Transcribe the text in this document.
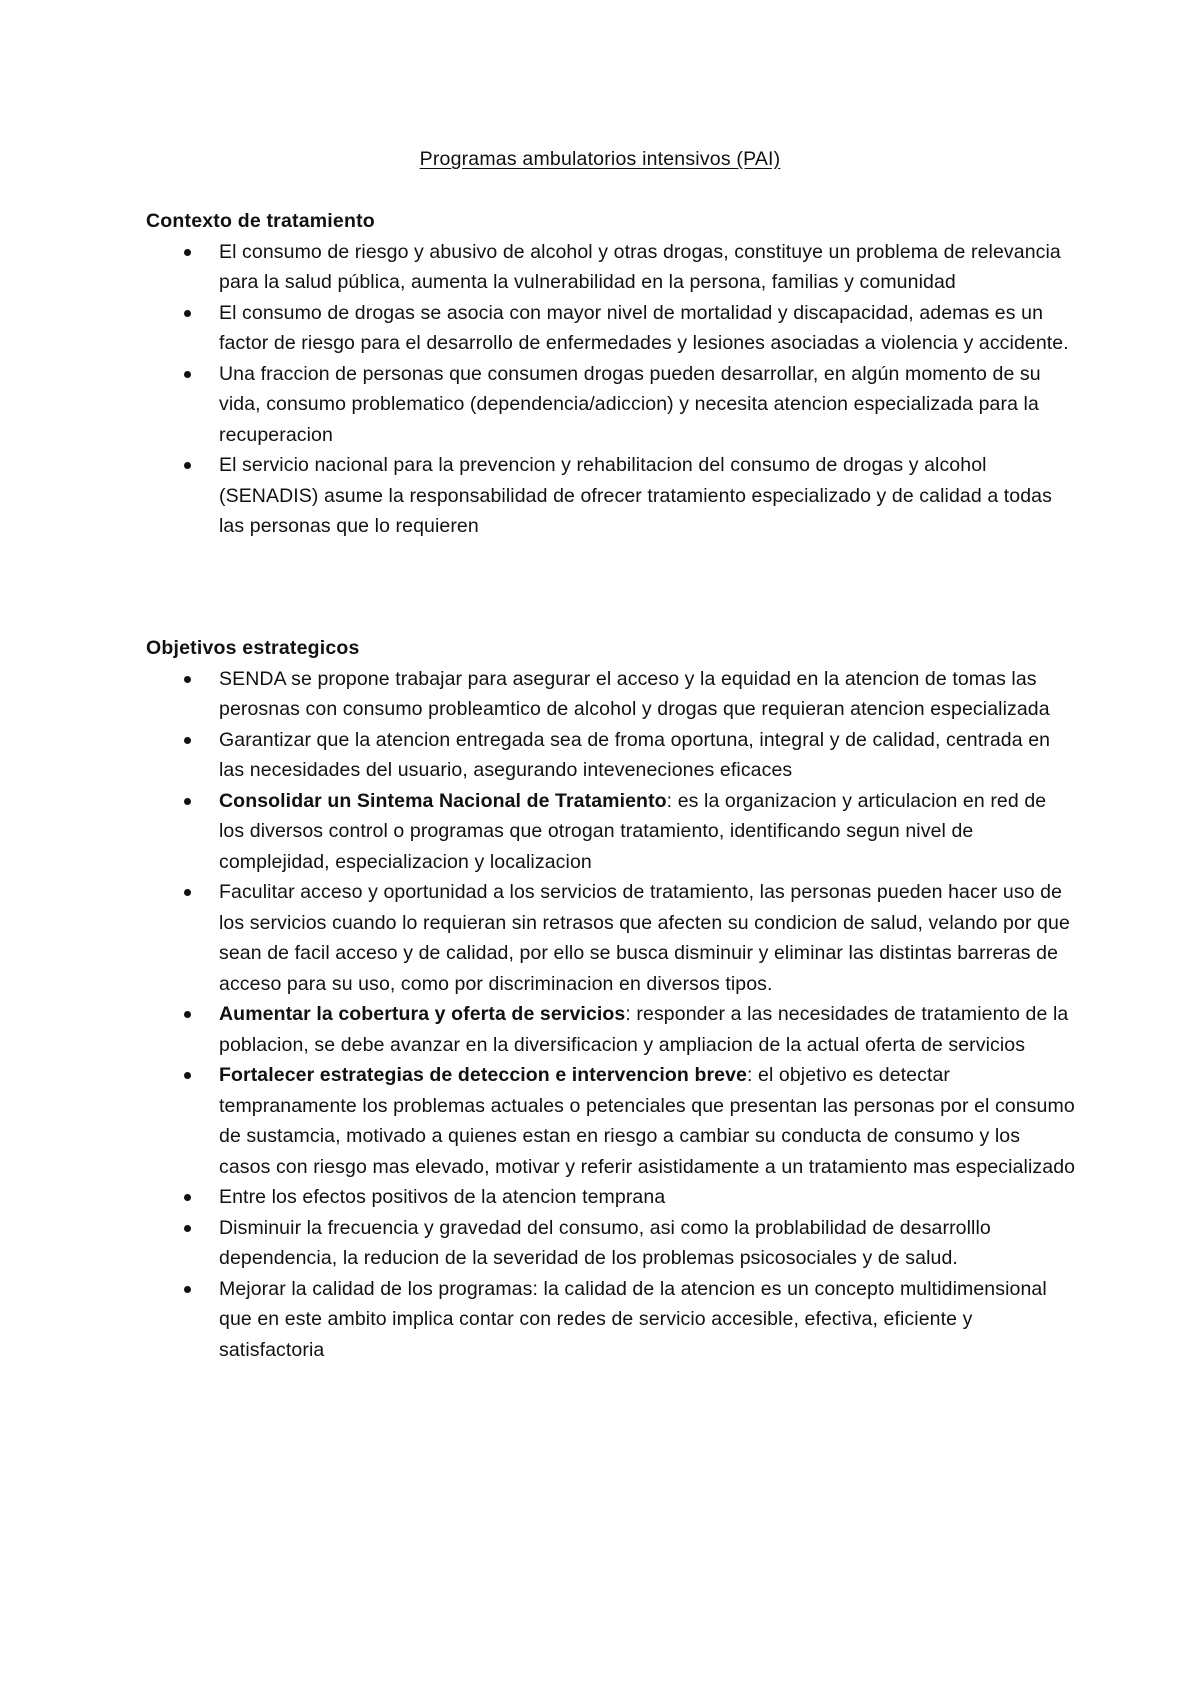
Programas ambulatorios intensivos (PAI)
Contexto de tratamiento
El consumo de riesgo y abusivo de alcohol y otras drogas, constituye un problema de relevancia para la salud pública, aumenta la vulnerabilidad en la persona, familias y comunidad
El consumo de drogas se asocia con mayor nivel de mortalidad y discapacidad, ademas es un factor de riesgo para el desarrollo de enfermedades y lesiones asociadas a violencia y accidente.
Una fraccion de personas que consumen drogas pueden desarrollar, en algún momento de su vida, consumo problematico (dependencia/adiccion) y necesita atencion especializada para la recuperacion
El servicio nacional para la prevencion y rehabilitacion del consumo de drogas y alcohol (SENADIS) asume la responsabilidad de ofrecer tratamiento especializado y de calidad a todas las personas que lo requieren
Objetivos estrategicos
SENDA se propone trabajar para asegurar el acceso y la equidad en la atencion de tomas las perosnas con consumo probleamtico de alcohol y drogas que requieran atencion especializada
Garantizar que la atencion entregada sea de froma oportuna, integral y de calidad, centrada en las necesidades del usuario, asegurando inteveneciones eficaces
Consolidar un Sintema Nacional de Tratamiento: es la organizacion y articulacion en red de los diversos control o programas que otrogan tratamiento, identificando segun nivel de complejidad, especializacion y localizacion
Faculitar acceso y oportunidad a los servicios de tratamiento, las personas pueden hacer uso de los servicios cuando lo requieran sin retrasos que afecten su condicion de salud, velando por que sean de facil acceso y de calidad, por ello se busca disminuir y eliminar las distintas barreras de acceso para su uso, como por discriminacion en diversos tipos.
Aumentar la cobertura y oferta de servicios: responder a las necesidades de tratamiento de la poblacion, se debe avanzar en la diversificacion y ampliacion de la actual oferta de servicios
Fortalecer estrategias de deteccion e intervencion breve: el objetivo es detectar tempranamente los problemas actuales o petenciales que presentan las personas por el consumo de sustamcia, motivado a quienes estan en riesgo a cambiar su conducta de consumo y los casos con riesgo mas elevado, motivar y referir asistidamente a un tratamiento mas especializado
Entre los efectos positivos de la atencion temprana
Disminuir la frecuencia y gravedad del consumo, asi como la problabilidad de desarrolllo dependencia, la reducion de la severidad de los problemas psicosociales y de salud.
Mejorar la calidad de los programas: la calidad de la atencion es un concepto multidimensional que en este ambito implica contar con redes de servicio accesible, efectiva, eficiente y satisfactoria
